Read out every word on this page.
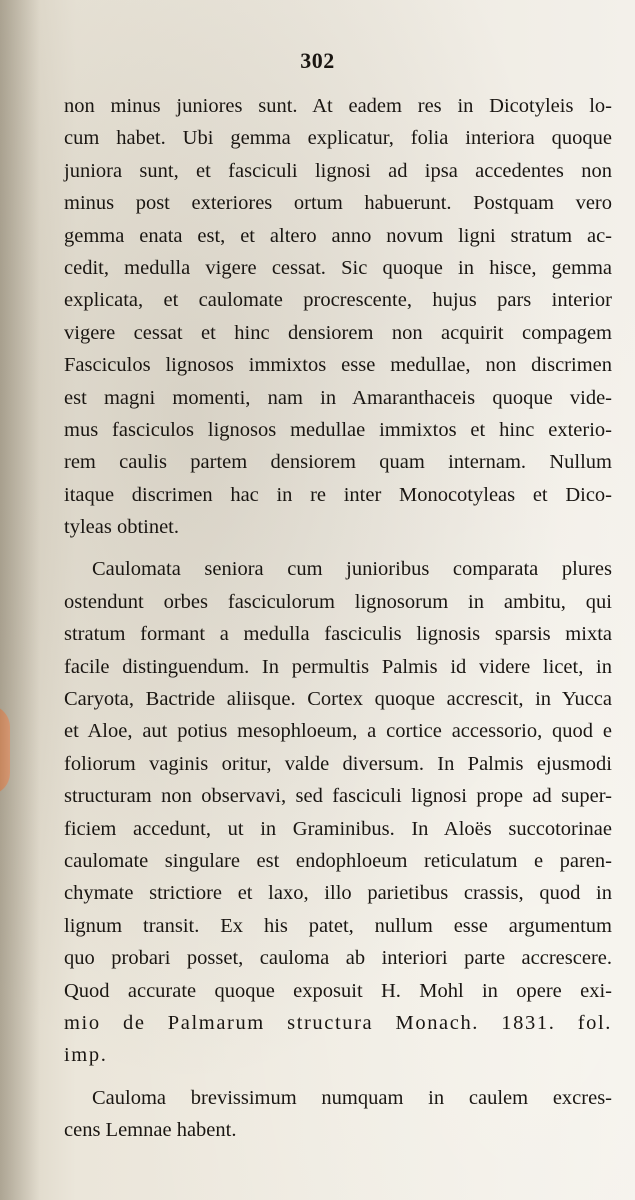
302
non minus juniores sunt. At eadem res in Dicotyleis lo-
cum habet. Ubi gemma explicatur, folia interiora quoque
juniora sunt, et fasciculi lignosi ad ipsa accedentes non
minus post exteriores ortum habuerunt. Postquam vero
gemma enata est, et altero anno novum ligni stratum ac-
cedit, medulla vigere cessat. Sic quoque in hisce, gemma
explicata, et caulomate procrescente, hujus pars interior
vigere cessat et hinc densiorem non acquirit compagem
Fasciculos lignosos immixtos esse medullae, non discrimen
est magni momenti, nam in Amaranthaceis quoque vide-
mus fasciculos lignosos medullae immixtos et hinc exterio-
rem caulis partem densiorem quam internam. Nullum
itaque discrimen hac in re inter Monocotyleas et Dico-
tyleas obtinet.
Caulomata seniora cum junioribus comparata plures
ostendunt orbes fasciculorum lignosorum in ambitu, qui
stratum formant a medulla fasciculis lignosis sparsis mixta
facile distinguendum. In permultis Palmis id videre licet, in
Caryota, Bactride aliisque. Cortex quoque accrescit, in Yucca
et Aloe, aut potius mesophloeum, a cortice accessorio, quod e
foliorum vaginis oritur, valde diversum. In Palmis ejusmodi
structuram non observavi, sed fasciculi lignosi prope ad super-
ficiem accedunt, ut in Graminibus. In Aloës succotorinae
caulomate singulare est endophloeum reticulatum e paren-
chymate strictiore et laxo, illo parietibus crassis, quod in
lignum transit. Ex his patet, nullum esse argumentum
quo probari posset, cauloma ab interiori parte accrescere.
Quod accurate quoque exposuit H. Mohl in opere exi-
mio de Palmarum structura Monach. 1831. fol.
imp.
Cauloma brevissimum numquam in caulem excres-
cens Lemnae habent.
